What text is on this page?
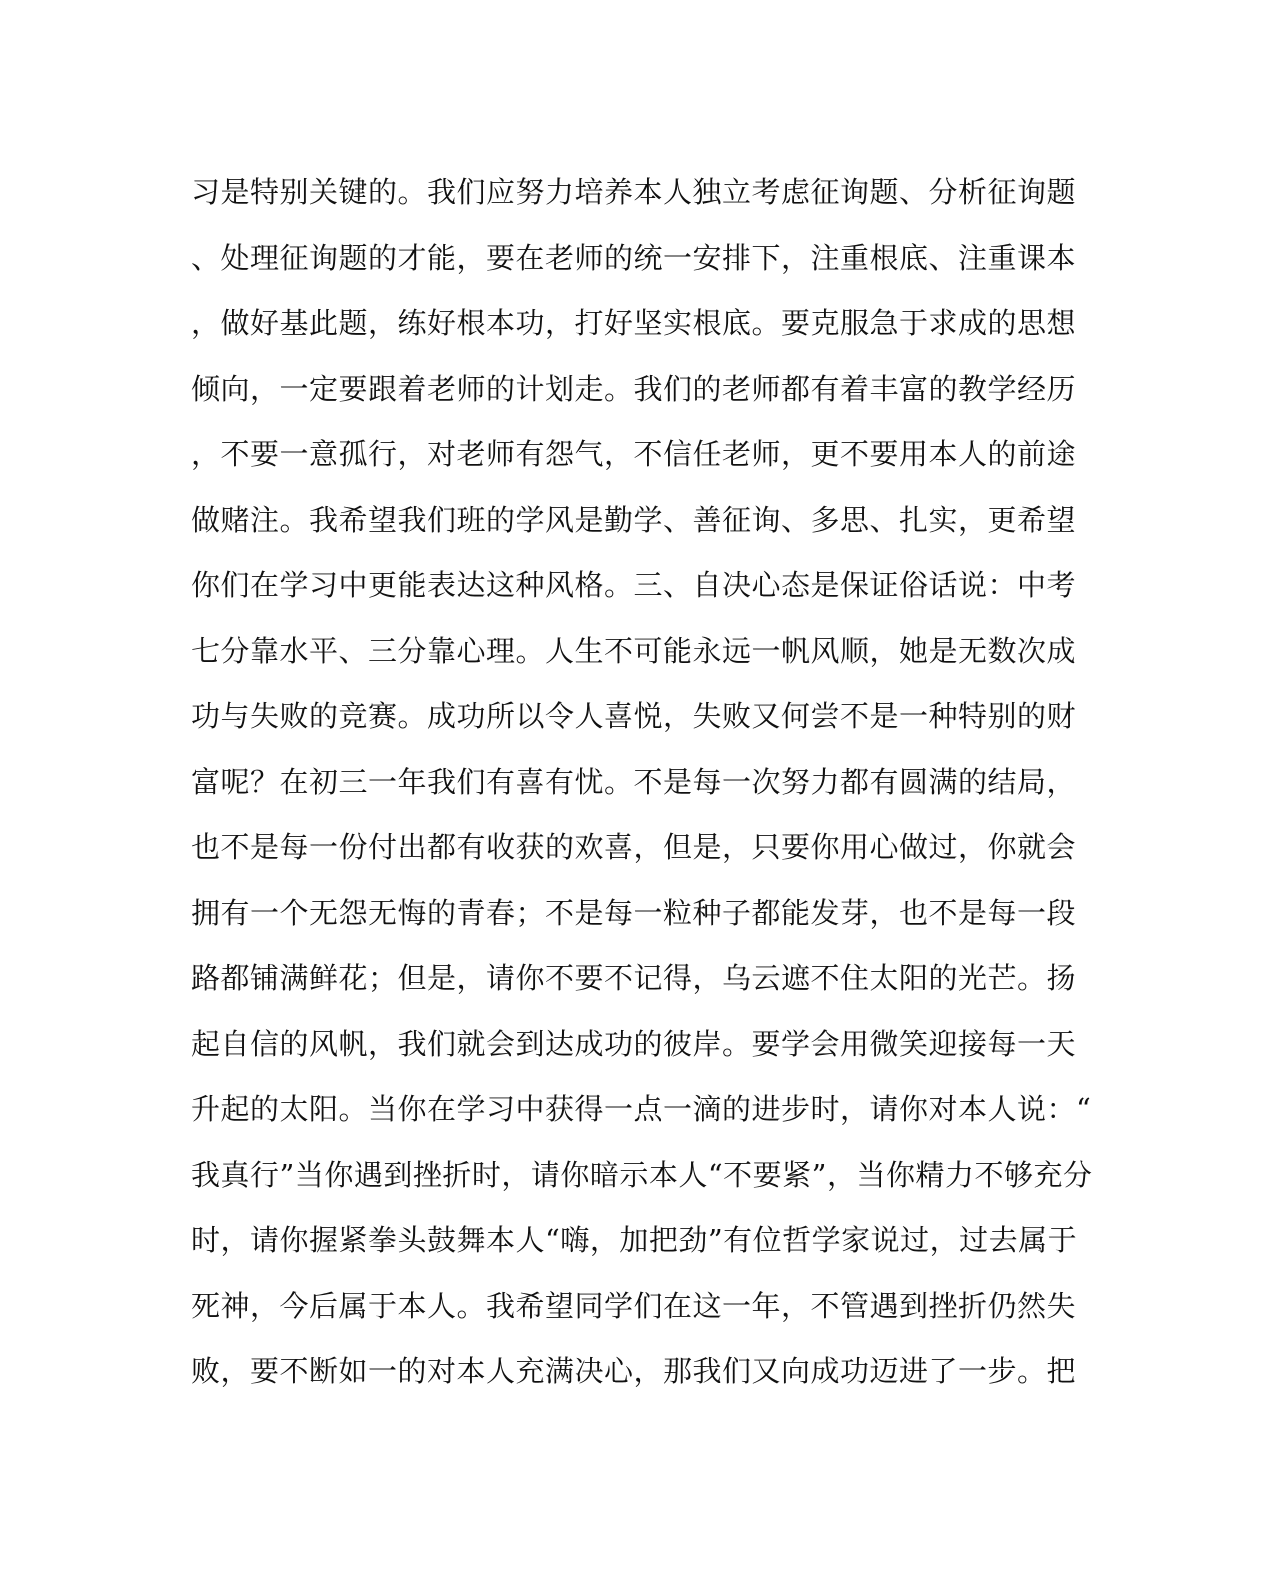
习是特别关键的。我们应努力培养本人独立考虑征询题、分析征询题
、处理征询题的才能，要在老师的统一安排下，注重根底、注重课本
，做好基此题，练好根本功，打好坚实根底。要克服急于求成的思想
倾向，一定要跟着老师的计划走。我们的老师都有着丰富的教学经历
，不要一意孤行，对老师有怨气，不信任老师，更不要用本人的前途
做赌注。我希望我们班的学风是勤学、善征询、多思、扎实，更希望
你们在学习中更能表达这种风格。三、自决心态是保证俗话说：中考
七分靠水平、三分靠心理。人生不可能永远一帆风顺，她是无数次成
功与失败的竞赛。成功所以令人喜悦，失败又何尝不是一种特别的财
富呢？在初三一年我们有喜有忧。不是每一次努力都有圆满的结局，
也不是每一份付出都有收获的欢喜，但是，只要你用心做过，你就会
拥有一个无怨无悔的青春；不是每一粒种子都能发芽，也不是每一段
路都铺满鲜花；但是，请你不要不记得，乌云遮不住太阳的光芒。扬
起自信的风帆，我们就会到达成功的彼岸。要学会用微笑迎接每一天
升起的太阳。当你在学习中获得一点一滴的进步时，请你对本人说：“
我真行”当你遇到挫折时，请你暗示本人“不要紧”，当你精力不够充分
时，请你握紧拳头鼓舞本人“嗨，加把劲”有位哲学家说过，过去属于
死神，今后属于本人。我希望同学们在这一年，不管遇到挫折仍然失
败，要不断如一的对本人充满决心，那我们又向成功迈进了一步。把
